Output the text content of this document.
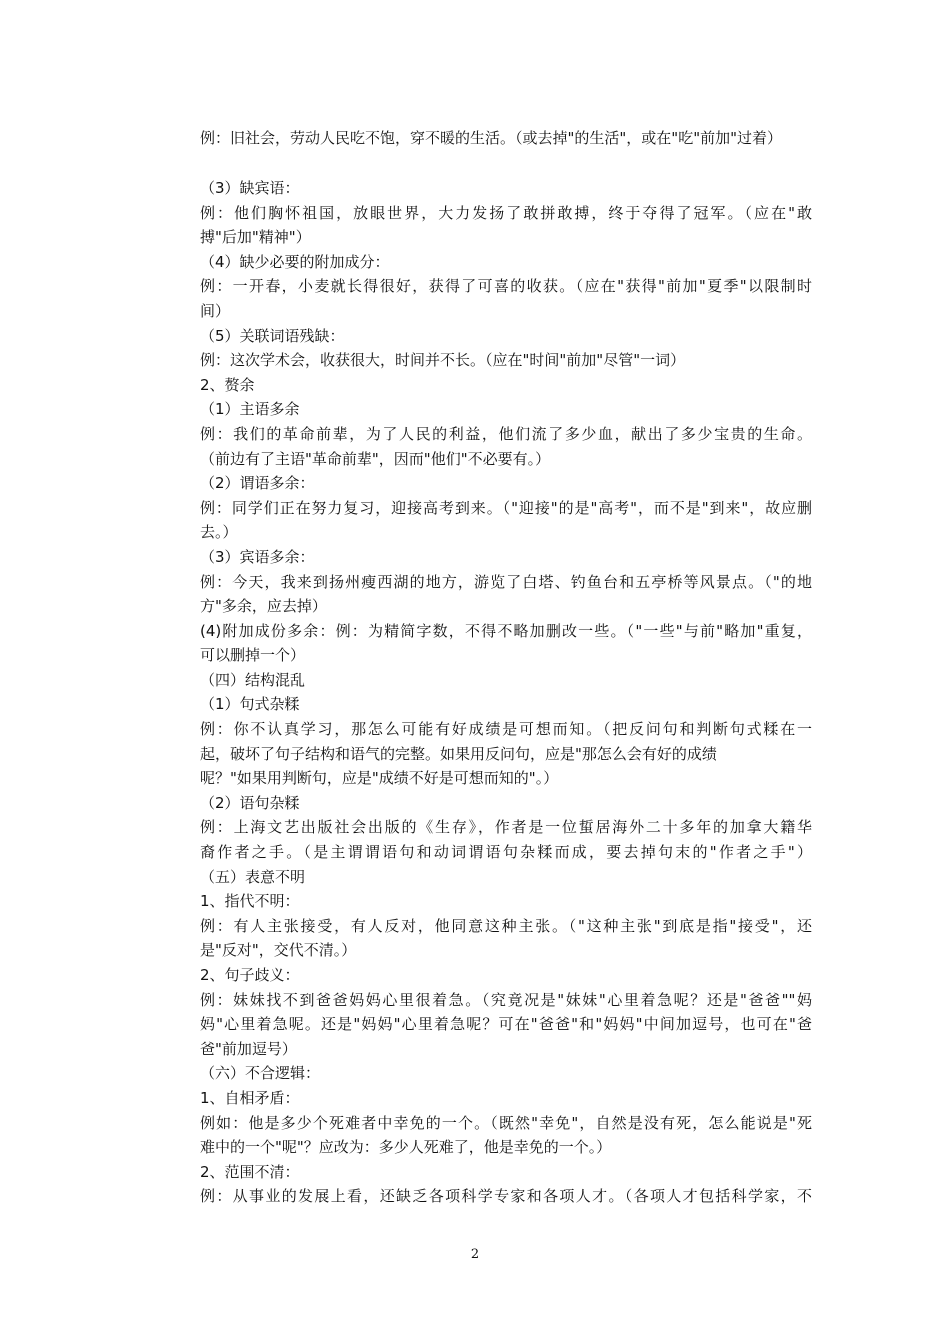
例：旧社会，劳动人民吃不饱，穿不暖的生活。（或去掉"的生活"，或在"吃"前加"过着）
（3）缺宾语：
例：他们胸怀祖国，放眼世界，大力发扬了敢拼敢搏，终于夺得了冠军。（应在"敢
搏"后加"精神"）
（4）缺少必要的附加成分：
例：一开春，小麦就长得很好，获得了可喜的收获。（应在"获得"前加"夏季"以限制时
间）
（5）关联词语残缺：
例：这次学术会，收获很大，时间并不长。（应在"时间"前加"尽管"一词）
2、赘余
（1）主语多余
例：我们的革命前辈，为了人民的利益，他们流了多少血，献出了多少宝贵的生命。
（前边有了主语"革命前辈"，因而"他们"不必要有。）
（2）谓语多余：
例：同学们正在努力复习，迎接高考到来。（"迎接"的是"高考"，而不是"到来"，故应删
去。）
（3）宾语多余：
例：今天，我来到扬州瘦西湖的地方，游览了白塔、钓鱼台和五亭桥等风景点。（"的地
方"多余，应去掉）
(4)附加成份多余：例：为精简字数，不得不略加删改一些。（"一些"与前"略加"重复，
可以删掉一个）
（四）结构混乱
（1）句式杂糅
例：你不认真学习，那怎么可能有好成绩是可想而知。（把反问句和判断句式糅在一
起，破坏了句子结构和语气的完整。如果用反问句，应是"那怎么会有好的成绩
呢？"如果用判断句，应是"成绩不好是可想而知的"。）
（2）语句杂糅
例：上海文艺出版社会出版的《生存》，作者是一位蜇居海外二十多年的加拿大籍华
裔作者之手。（是主谓谓语句和动词谓语句杂糅而成，要去掉句末的"作者之手"）
（五）表意不明
1、指代不明：
例：有人主张接受，有人反对，他同意这种主张。（"这种主张"到底是指"接受"，还
是"反对"，交代不清。）
2、句子歧义：
例：妹妹找不到爸爸妈妈心里很着急。（究竟况是"妹妹"心里着急呢？还是"爸爸""妈
妈"心里着急呢。还是"妈妈"心里着急呢？可在"爸爸"和"妈妈"中间加逗号，也可在"爸
爸"前加逗号）
（六）不合逻辑：
1、自相矛盾：
例如：他是多少个死难者中幸免的一个。（既然"幸免"，自然是没有死，怎么能说是"死
难中的一个"呢"？应改为：多少人死难了，他是幸免的一个。）
2、范围不清：
例：从事业的发展上看，还缺乏各项科学专家和各项人才。（各项人才包括科学家，不
2
